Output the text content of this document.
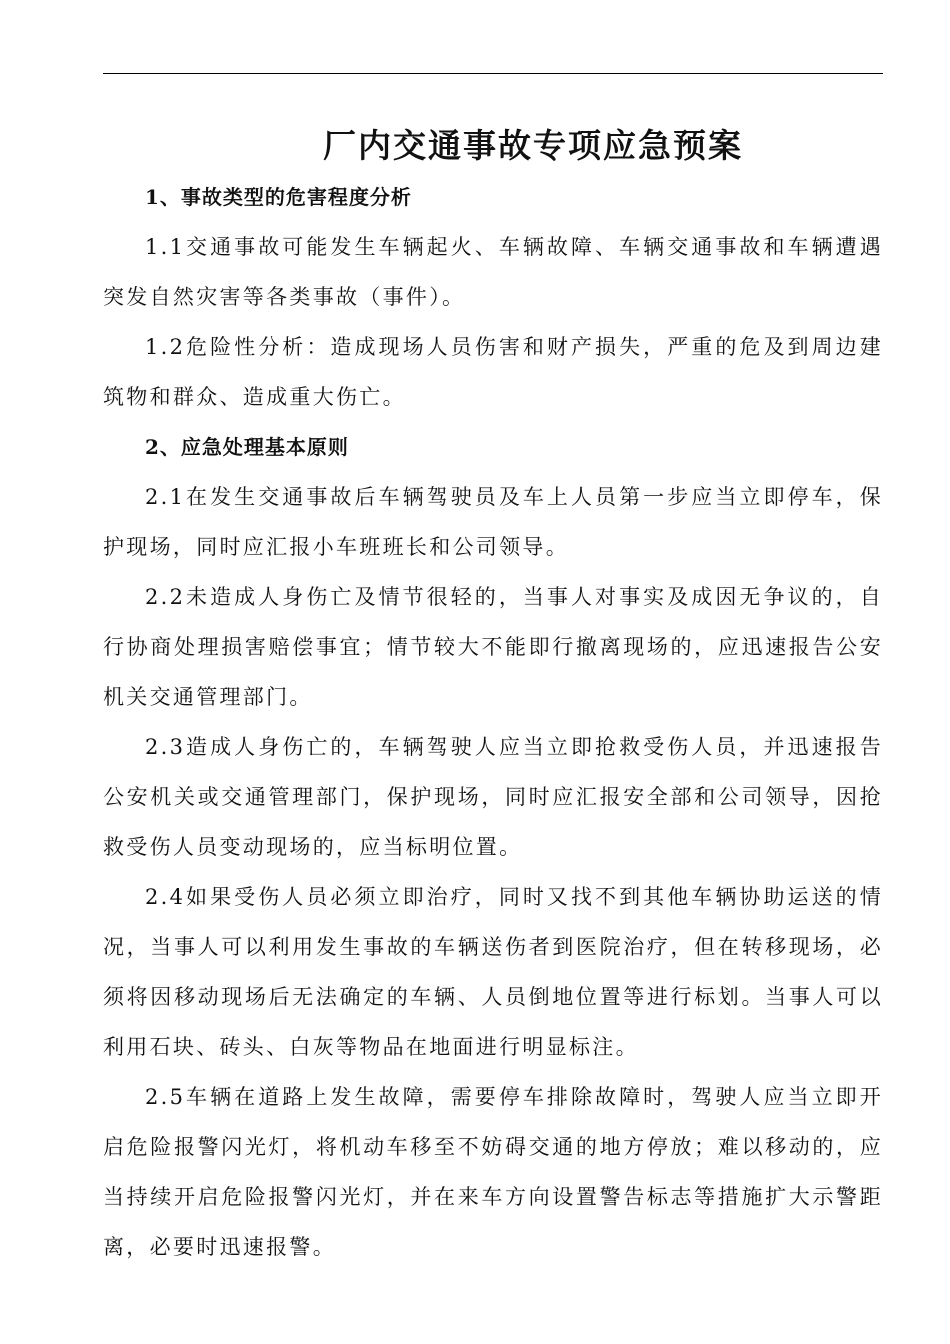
厂内交通事故专项应急预案
1、事故类型的危害程度分析

1.1交通事故可能发生车辆起火、车辆故障、车辆交通事故和车辆遭遇突发自然灾害等各类事故（事件）。

1.2危险性分析：造成现场人员伤害和财产损失，严重的危及到周边建筑物和群众、造成重大伤亡。

2、应急处理基本原则

2.1在发生交通事故后车辆驾驶员及车上人员第一步应当立即停车，保护现场，同时应汇报小车班班长和公司领导。

2.2未造成人身伤亡及情节很轻的，当事人对事实及成因无争议的，自行协商处理损害赔偿事宜；情节较大不能即行撤离现场的，应迅速报告公安机关交通管理部门。

2.3造成人身伤亡的，车辆驾驶人应当立即抢救受伤人员，并迅速报告公安机关或交通管理部门，保护现场，同时应汇报安全部和公司领导，因抢救受伤人员变动现场的，应当标明位置。

2.4如果受伤人员必须立即治疗，同时又找不到其他车辆协助运送的情况，当事人可以利用发生事故的车辆送伤者到医院治疗，但在转移现场，必须将因移动现场后无法确定的车辆、人员倒地位置等进行标划。当事人可以利用石块、砖头、白灰等物品在地面进行明显标注。

2.5车辆在道路上发生故障，需要停车排除故障时，驾驶人应当立即开启危险报警闪光灯，将机动车移至不妨碍交通的地方停放；难以移动的，应当持续开启危险报警闪光灯，并在来车方向设置警告标志等措施扩大示警距离，必要时迅速报警。
